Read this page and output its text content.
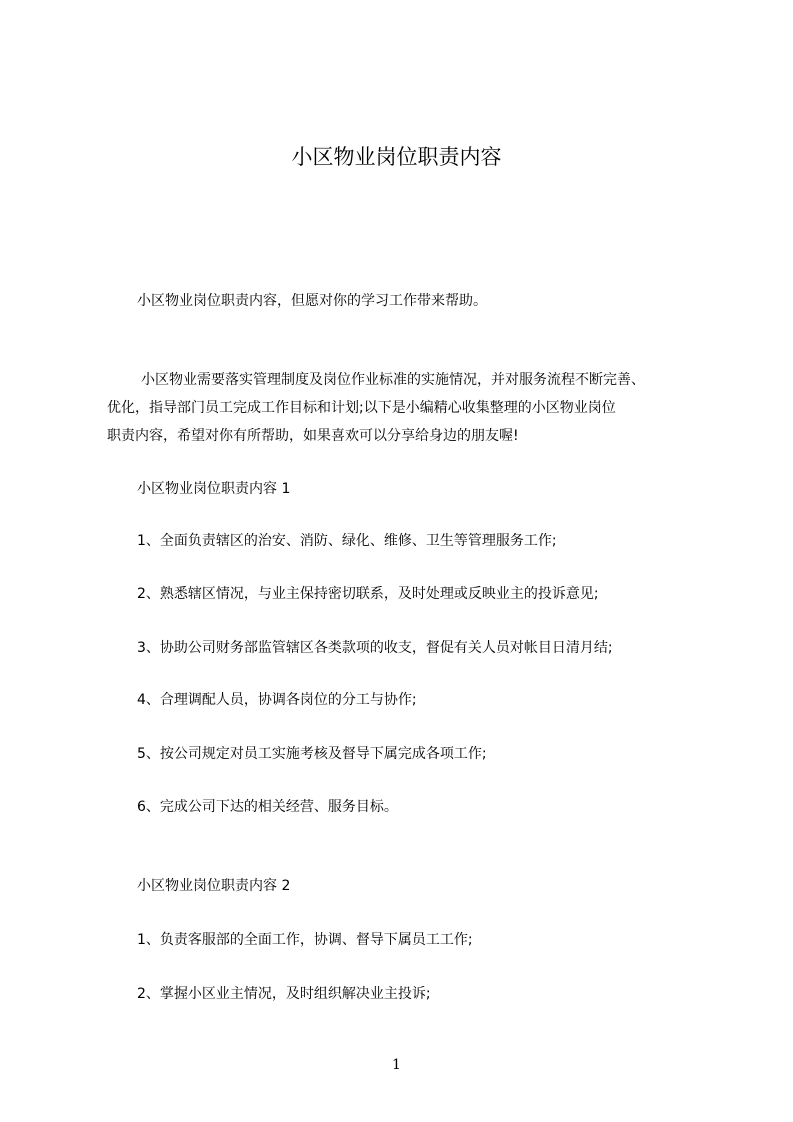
小区物业岗位职责内容
小区物业岗位职责内容，但愿对你的学习工作带来帮助。
小区物业需要落实管理制度及岗位作业标准的实施情况，并对服务流程不断完善、
优化，指导部门员工完成工作目标和计划;以下是小编精心收集整理的小区物业岗位
职责内容，希望对你有所帮助，如果喜欢可以分享给身边的朋友喔!
小区物业岗位职责内容 1
1、全面负责辖区的治安、消防、绿化、维修、卫生等管理服务工作;
2、熟悉辖区情况，与业主保持密切联系，及时处理或反映业主的投诉意见;
3、协助公司财务部监管辖区各类款项的收支，督促有关人员对帐目日清月结;
4、合理调配人员，协调各岗位的分工与协作;
5、按公司规定对员工实施考核及督导下属完成各项工作;
6、完成公司下达的相关经营、服务目标。
小区物业岗位职责内容 2
1、负责客服部的全面工作，协调、督导下属员工工作;
2、掌握小区业主情况，及时组织解决业主投诉;
1
